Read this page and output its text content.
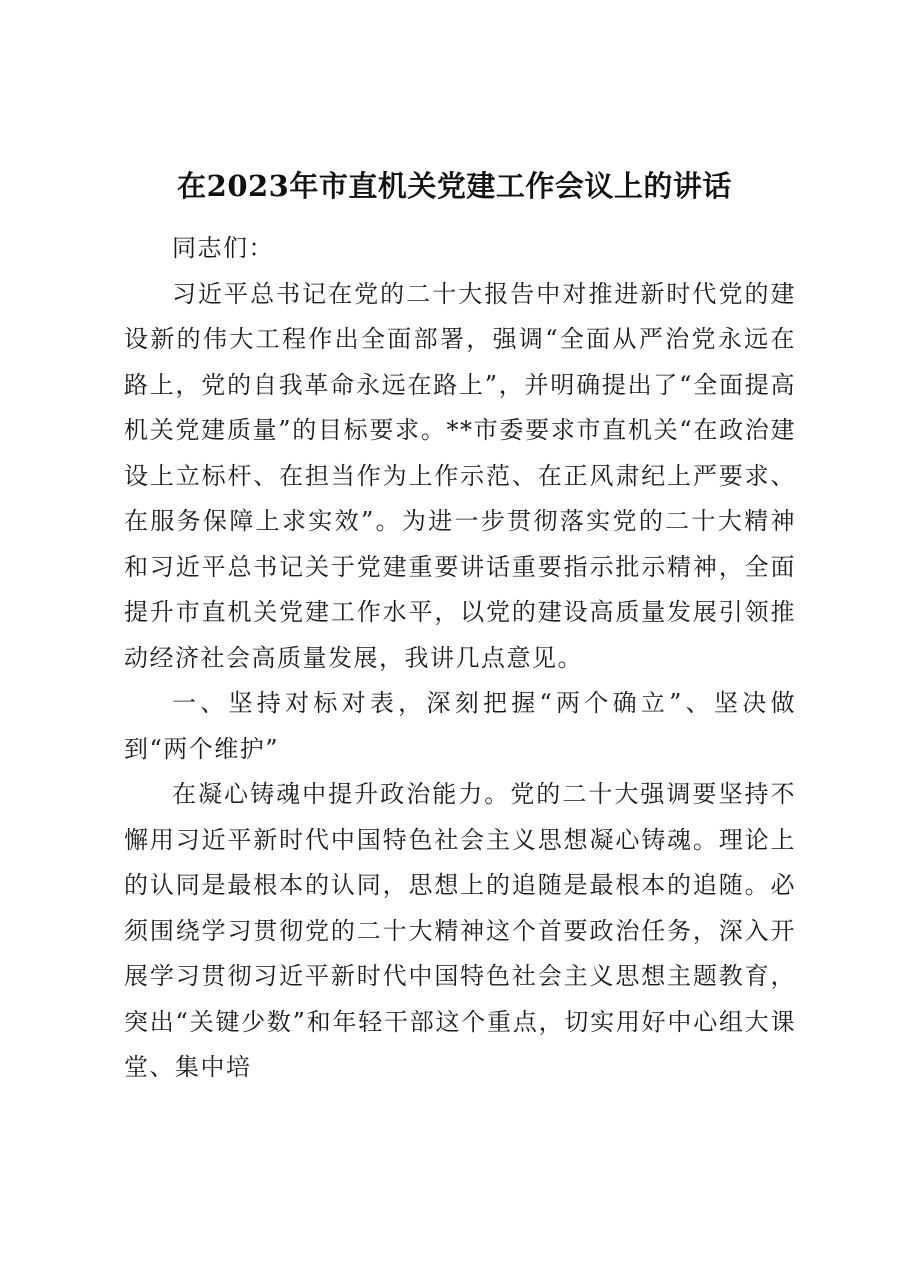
在2023年市直机关党建工作会议上的讲话

同志们：

习近平总书记在党的二十大报告中对推进新时代党的建设新的伟大工程作出全面部署，强调“全面从严治党永远在路上，党的自我革命永远在路上”，并明确提出了“全面提高机关党建质量”的目标要求。**市委要求市直机关“在政治建设上立标杆、在担当作为上作示范、在正风肃纪上严要求、在服务保障上求实效”。为进一步贯彻落实党的二十大精神和习近平总书记关于党建重要讲话重要指示批示精神，全面提升市直机关党建工作水平，以党的建设高质量发展引领推动经济社会高质量发展，我讲几点意见。

一、坚持对标对表，深刻把握“两个确立”、坚决做到“两个维护”

在凝心铸魂中提升政治能力。党的二十大强调要坚持不懈用习近平新时代中国特色社会主义思想凝心铸魂。理论上的认同是最根本的认同，思想上的追随是最根本的追随。必须围绕学习贯彻党的二十大精神这个首要政治任务，深入开展学习贯彻习近平新时代中国特色社会主义思想主题教育，突出“关键少数”和年轻干部这个重点，切实用好中心组大课堂、集中培
